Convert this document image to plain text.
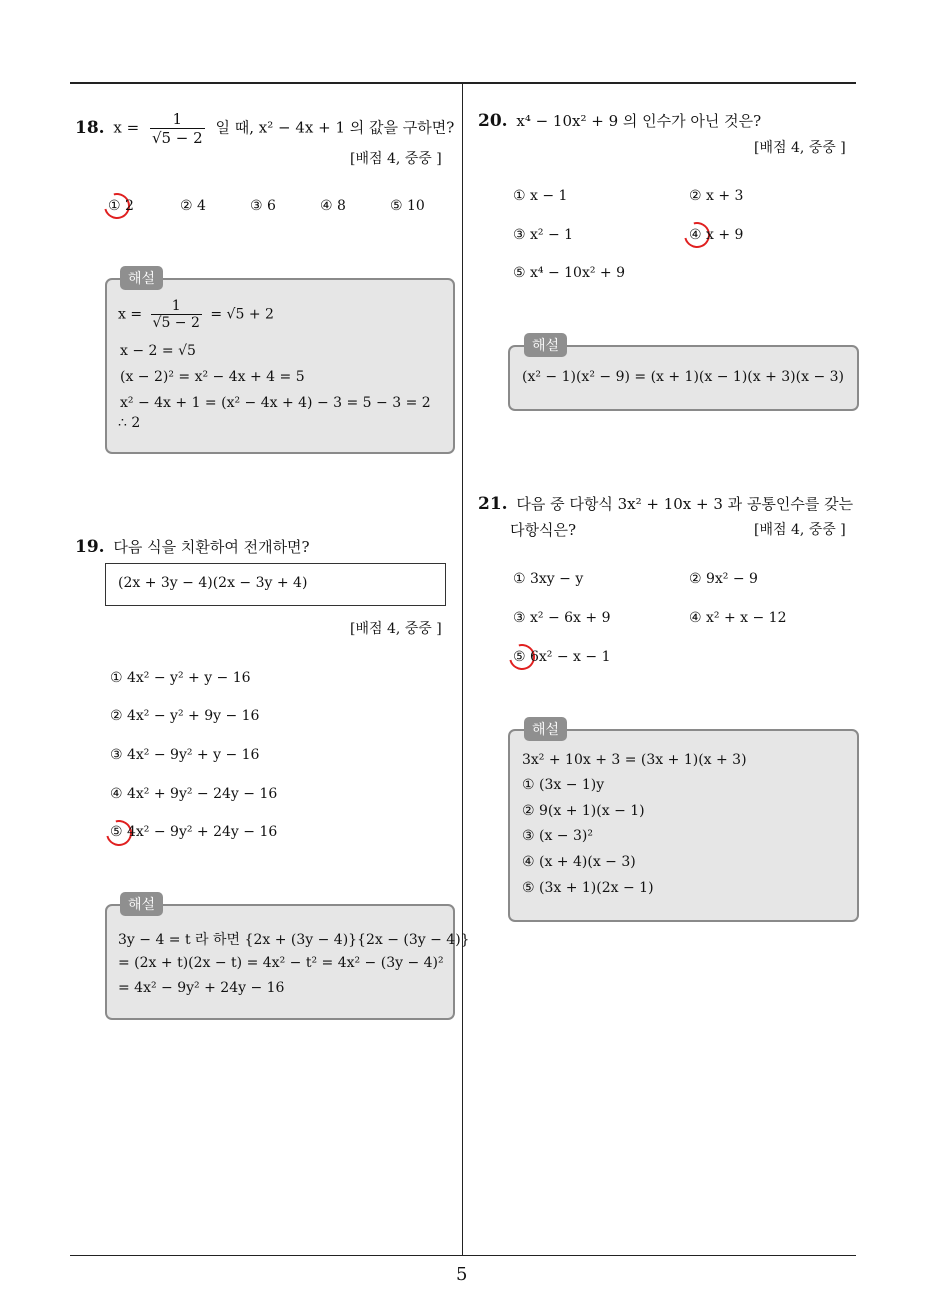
5
18. $x = \frac{1}{√5 - 2}$ 일 때, x² − 4x + 1 의 값을 구하면?
[배점 4, 중중 ]
① 2	② 4	③ 6	④ 8	⑤ 10
해설
$x = \frac{1}{√5 - 2} = √5 + 2$
x − 2 = √5
(x − 2)² = x² − 4x + 4 = 5
x² − 4x + 1 = (x² − 4x + 4) − 3 = 5 − 3 = 2
∴ 2
19. 다음 식을 치환하여 전개하면?
(2x + 3y − 4)(2x − 3y + 4)
[배점 4, 중중 ]
① 4x² − y² + y − 16
② 4x² − y² + 9y − 16
③ 4x² − 9y² + y − 16
④ 4x² + 9y² − 24y − 16
⑤ 4x² − 9y² + 24y − 16
해설
3y − 4 = t 라 하면 {2x + (3y − 4)}{2x − (3y − 4)}
= (2x + t)(2x − t) = 4x² − t² = 4x² − (3y − 4)²
= 4x² − 9y² + 24y − 16
20. x⁴ − 10x² + 9 의 인수가 아닌 것은?
[배점 4, 중중 ]
① x − 1	② x + 3
③ x² − 1	④ x + 9
⑤ x⁴ − 10x² + 9
해설
(x² − 1)(x² − 9) = (x + 1)(x − 1)(x + 3)(x − 3)
21. 다음 중 다항식 3x² + 10x + 3 과 공통인수를 갖는
다항식은?	[배점 4, 중중 ]
① 3xy − y	② 9x² − 9
③ x² − 6x + 9	④ x² + x − 12
⑤ 6x² − x − 1
해설
3x² + 10x + 3 = (3x + 1)(x + 3)
① (3x − 1)y
② 9(x + 1)(x − 1)
③ (x − 3)²
④ (x + 4)(x − 3)
⑤ (3x + 1)(2x − 1)
